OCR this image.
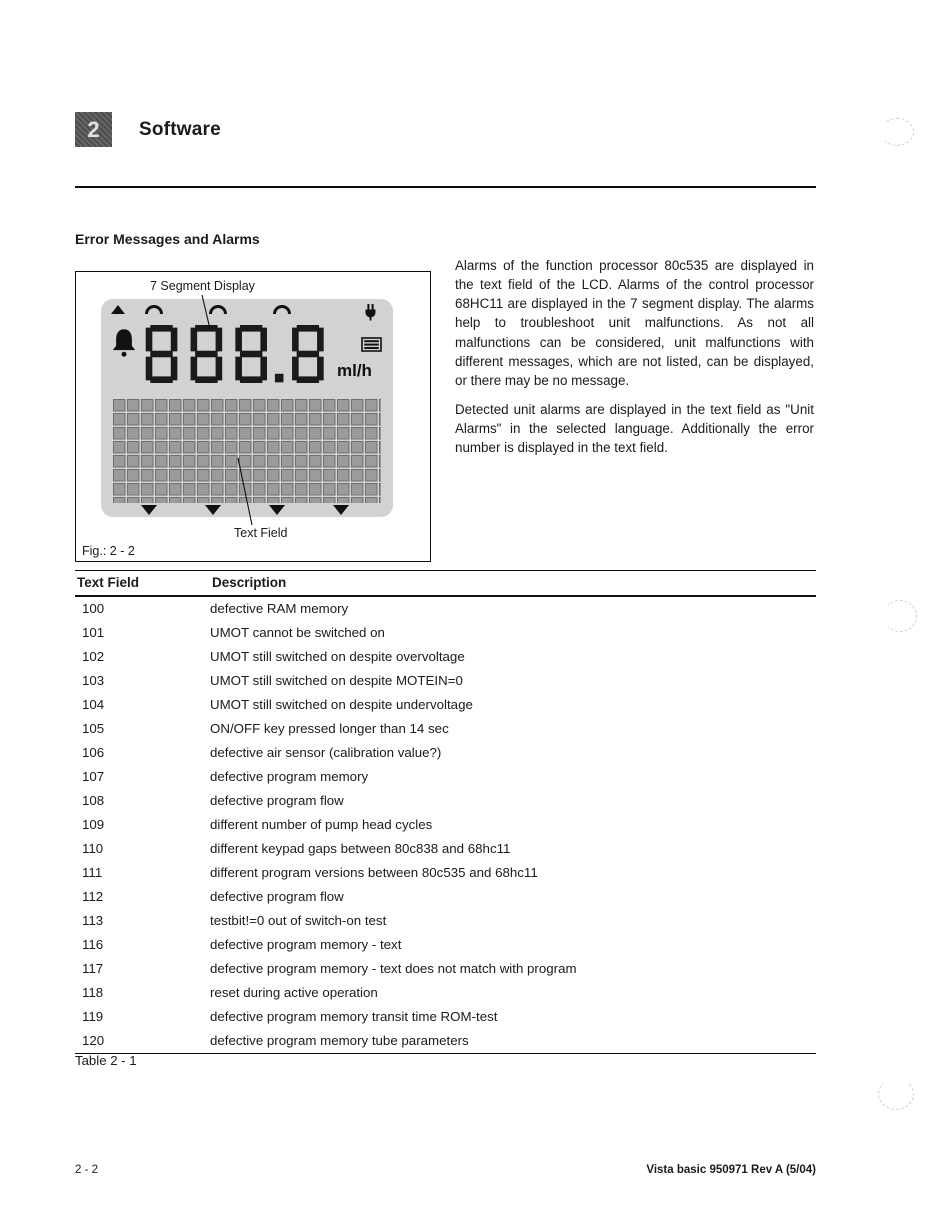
2 Software
Error Messages and Alarms
7 Segment Display
ml/h
Text Field
Fig.: 2 - 2

Alarms of the function processor 80c535 are displayed in the text field of the LCD. Alarms of the control processor 68HC11 are displayed in the 7 segment display. The alarms help to troubleshoot unit malfunctions. As not all malfunctions can be considered, unit malfunctions with different messages, which are not listed, can be displayed, or there may be no message.

Detected unit alarms are displayed in the text field as "Unit Alarms" in the selected language. Additionally the error number is displayed in the text field.

Text Field	Description
100	defective RAM memory
101	UMOT cannot be switched on
102	UMOT still switched on despite overvoltage
103	UMOT still switched on despite MOTEIN=0
104	UMOT still switched on despite undervoltage
105	ON/OFF key pressed longer than 14 sec
106	defective air sensor (calibration value?)
107	defective program memory
108	defective program flow
109	different number of pump head cycles
110	different keypad gaps between 80c838 and 68hc11
111	different program versions between 80c535 and 68hc11
112	defective program flow
113	testbit!=0 out of switch-on test
116	defective program memory - text
117	defective program memory - text does not match with program
118	reset during active operation
119	defective program memory transit time ROM-test
120	defective program memory tube parameters
Table 2 - 1
2 - 2	Vista basic 950971 Rev A (5/04)
